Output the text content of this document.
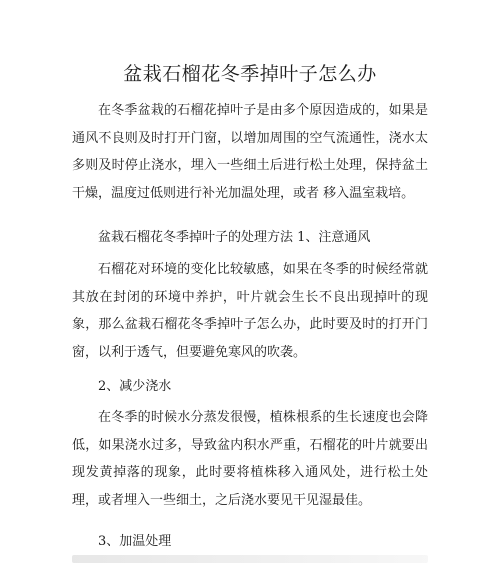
盆栽石榴花冬季掉叶子怎么办

在冬季盆栽的石榴花掉叶子是由多个原因造成的，如果是通风不良则及时打开门窗，以增加周围的空气流通性，浇水太多则及时停止浇水，埋入一些细土后进行松土处理，保持盆土干燥，温度过低则进行补光加温处理，或者 移入温室栽培。

盆栽石榴花冬季掉叶子的处理方法 1、注意通风

石榴花对环境的变化比较敏感，如果在冬季的时候经常就其放在封闭的环境中养护，叶片就会生长不良出现掉叶的现象，那么盆栽石榴花冬季掉叶子怎么办，此时要及时的打开门窗，以利于透气，但要避免寒风的吹袭。

2、减少浇水

在冬季的时候水分蒸发很慢，植株根系的生长速度也会降低，如果浇水过多，导致盆内积水严重，石榴花的叶片就要出现发黄掉落的现象，此时要将植株移入通风处，进行松土处理，或者埋入一些细土，之后浇水要见干见湿最佳。

3、加温处理
